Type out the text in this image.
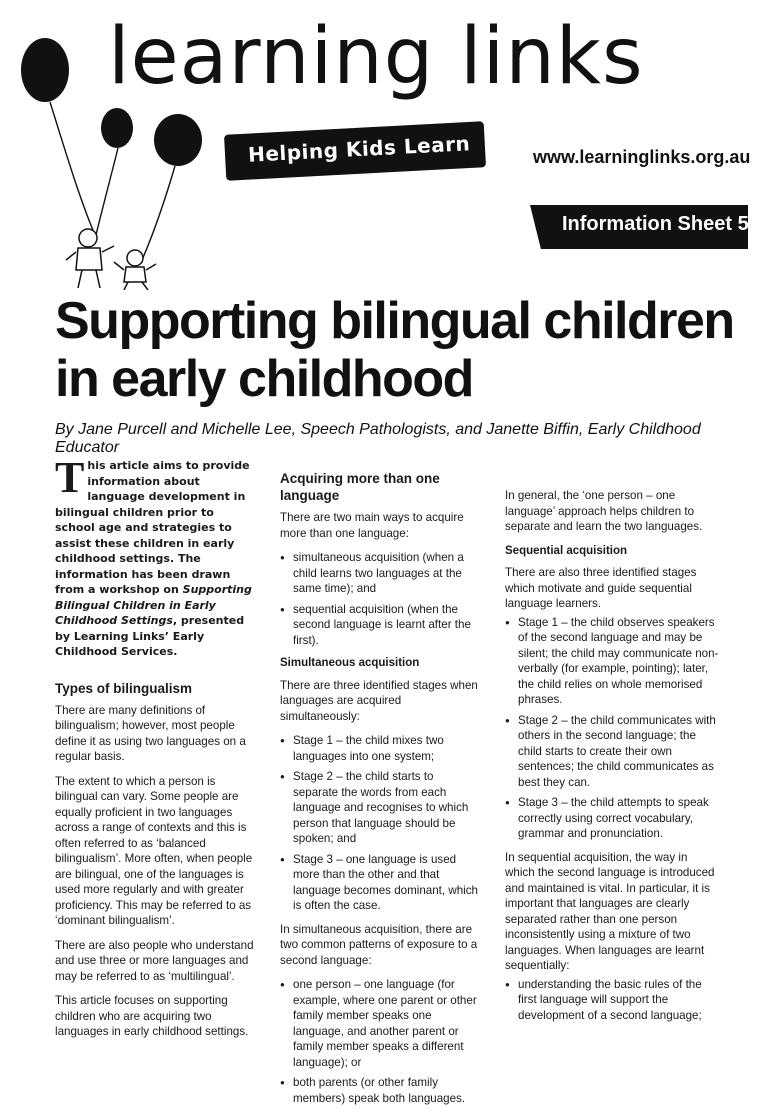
learning links
Helping Kids Learn	www.learninglinks.org.au
Information Sheet 50
Supporting bilingual children
in early childhood
By Jane Purcell and Michelle Lee, Speech Pathologists, and Janette Biffin, Early Childhood Educator

This article aims to provide information about language development in bilingual children prior to school age and strategies to assist these children in early childhood settings. The information has been drawn from a workshop on Supporting Bilingual Children in Early Childhood Settings, presented by Learning Links’ Early Childhood Services.

Types of bilingualism

There are many definitions of bilingualism; however, most people define it as using two languages on a regular basis.

The extent to which a person is bilingual can vary. Some people are equally proficient in two languages across a range of contexts and this is often referred to as ‘balanced bilingualism’. More often, when people are bilingual, one of the languages is used more regularly and with greater proficiency. This may be referred to as ‘dominant bilingualism’.

There are also people who understand and use three or more languages and may be referred to as ‘multilingual’.

This article focuses on supporting children who are acquiring two languages in early childhood settings.

Acquiring more than one language

There are two main ways to acquire more than one language:

● simultaneous acquisition (when a child learns two languages at the same time); and
● sequential acquisition (when the second language is learnt after the first).
Simultaneous acquisition

There are three identified stages when languages are acquired simultaneously:

● Stage 1 – the child mixes two languages into one system;
● Stage 2 – the child starts to separate the words from each language and recognises to which person that language should be spoken; and
● Stage 3 – one language is used more than the other and that language becomes dominant, which is often the case.

In simultaneous acquisition, there are two common patterns of exposure to a second language:

● one person – one language (for example, where one parent or other family member speaks one language, and another parent or family member speaks a different language); or
● both parents (or other family members) speak both languages.

In general, the ‘one person – one language’ approach helps children to separate and learn the two languages.

Sequential acquisition

There are also three identified stages which motivate and guide sequential language learners.

● Stage 1 – the child observes speakers of the second language and may be silent; the child may communicate non-verbally (for example, pointing); later, the child relies on whole memorised phrases.
● Stage 2 – the child communicates with others in the second language; the child starts to create their own sentences; the child communicates as best they can.
● Stage 3 – the child attempts to speak correctly using correct vocabulary, grammar and pronunciation.

In sequential acquisition, the way in which the second language is introduced and maintained is vital. In particular, it is important that languages are clearly separated rather than one person inconsistently using a mixture of two languages. When languages are learnt sequentially:

● understanding the basic rules of the first language will support the development of a second language;
